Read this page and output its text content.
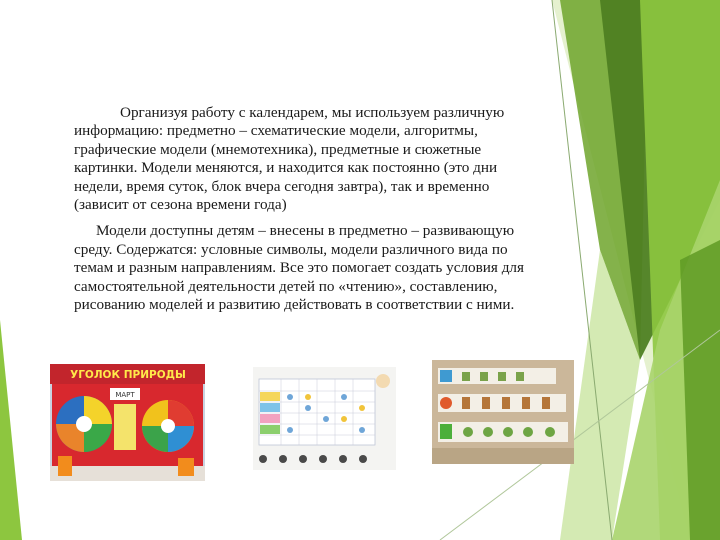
Организуя работу с календарем, мы используем различную информацию: предметно – схематические модели, алгоритмы, графические модели (мнемотехника), предметные и сюжетные картинки. Модели меняются, и находится как постоянно (это дни недели, время суток, блок вчера сегодня завтра), так и временно (зависит от сезона времени года)

Модели доступны детям – внесены в предметно – развивающую среду. Содержатся: условные символы, модели различного вида по темам и разным направлениям. Все это помогает создать условия для самостоятельной деятельности детей по «чтению», составлению, рисованию моделей и развитию действовать в соответствии с ними.

УГОЛОК ПРИРОДЫ
МАРТ
